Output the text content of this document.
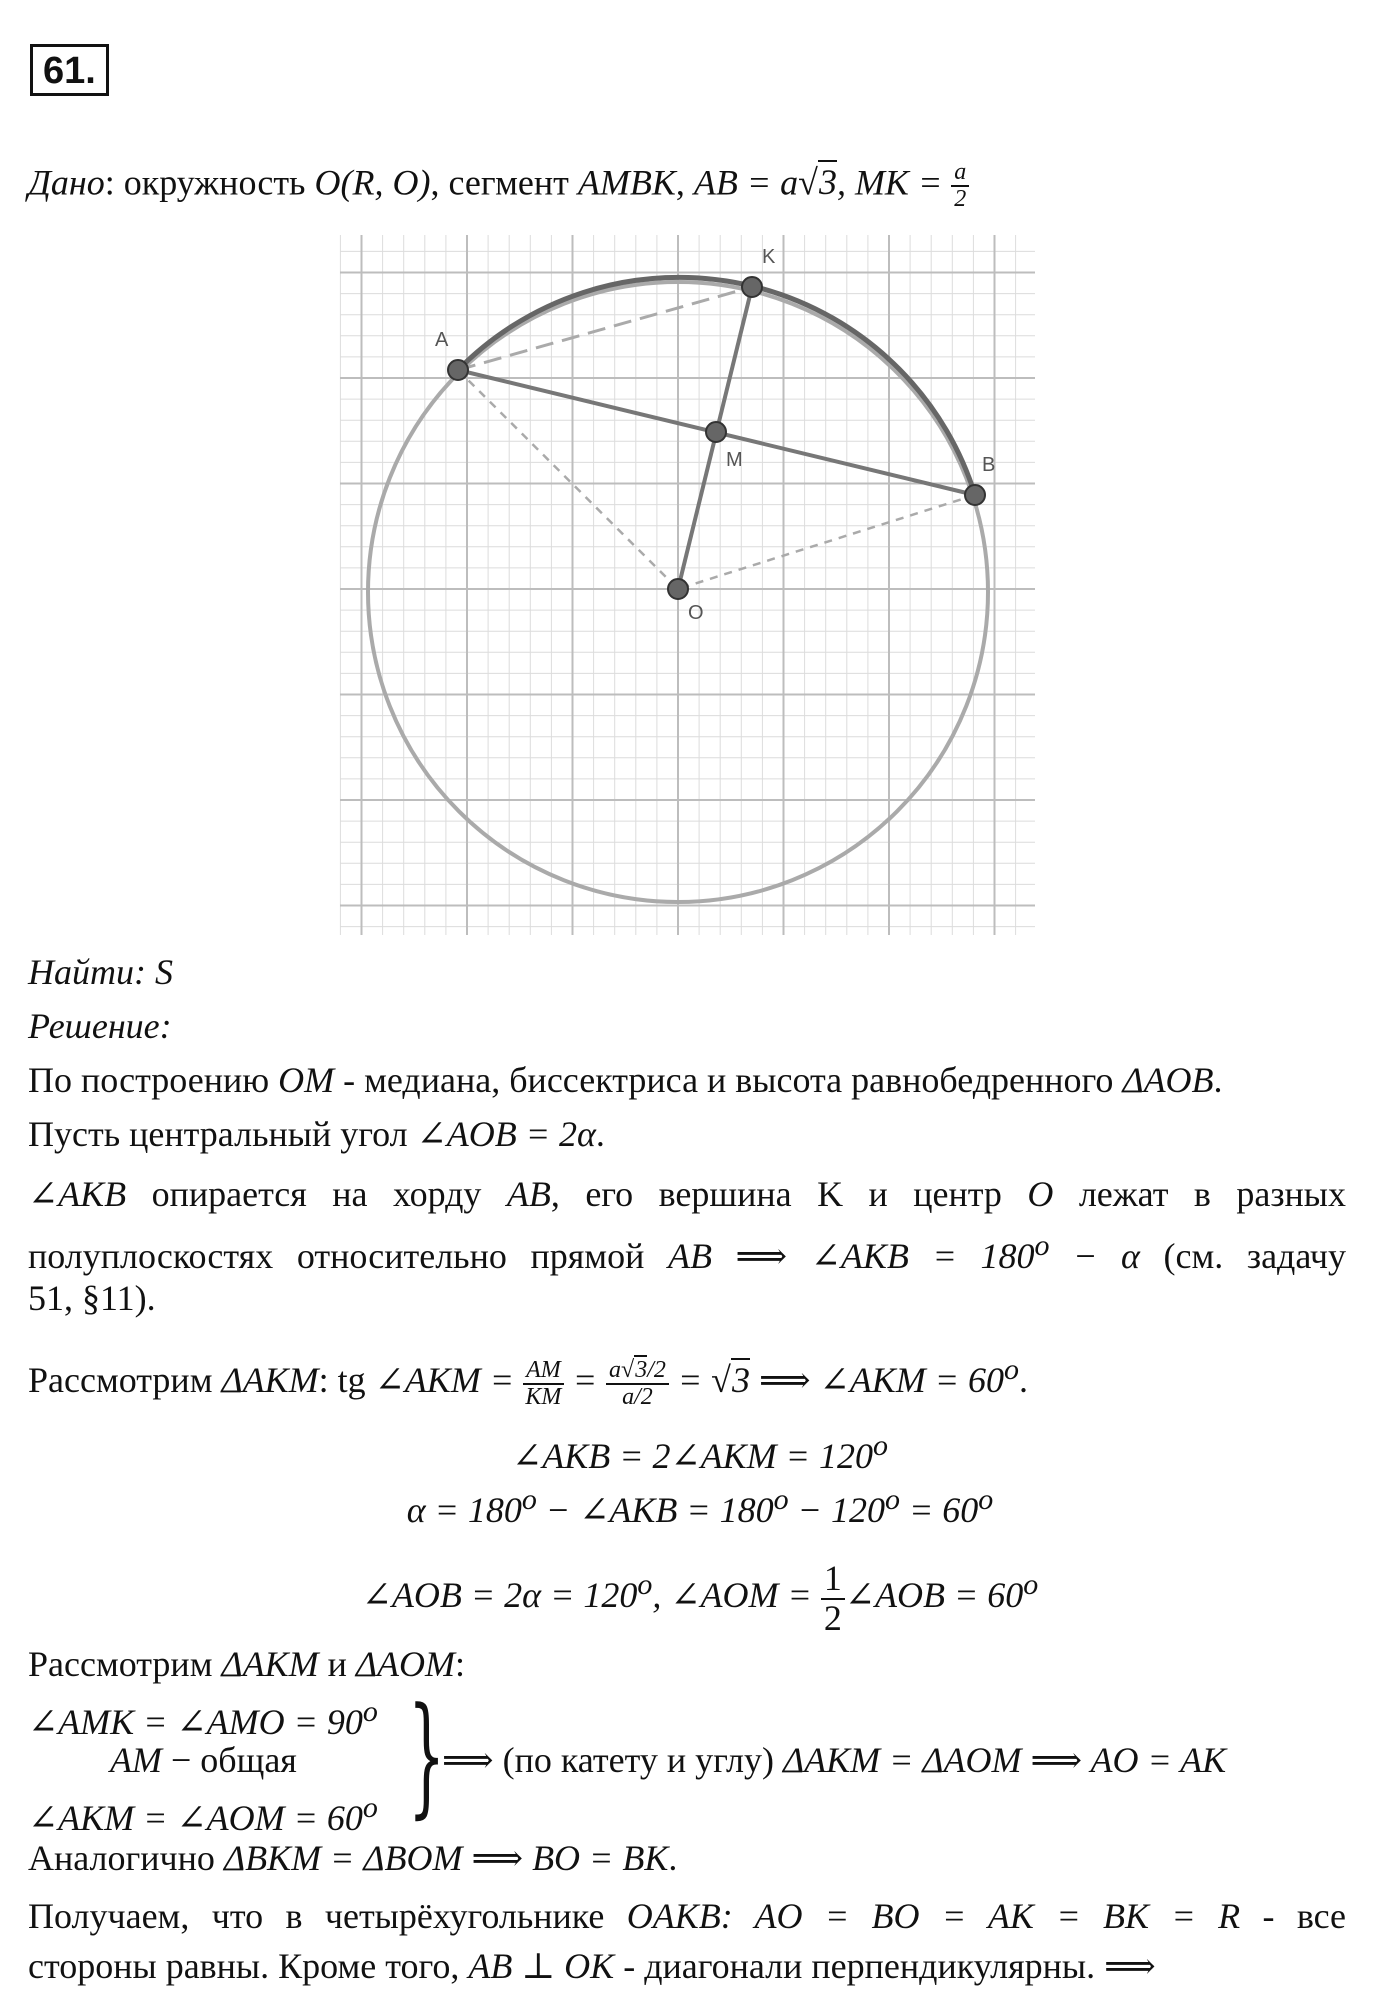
61.
Дано: окружность O(R, O), сегмент AMBK, AB = a√3, MK = $\frac{a}{2}$
A
K
M	B
O
Найти: S
Решение:
По построению OM - медиана, биссектриса и высота равнобедренного ΔAOB.
Пусть центральный угол ∠AOB = 2α.
∠AKB опирается на хорду AB, его вершина K и центр O лежат в разных
полуплоскостях относительно прямой AB ⟹ ∠AKB = $180^o - \alpha$ (см. задачу
51, §11).
Рассмотрим ΔAKM: tg ∠AKM = $\frac{AM}{KM} = \frac{a√3/2}{a/2} = √3$ ⟹ ∠AKM = $60^o$.
∠AKB = 2∠AKM = $120^o$
$\alpha = 180^o$ − ∠AKB = $180^o - 120^o = 60^o$
∠AOB = $2\alpha = 120^o$, ∠AOM = $\frac{1}{2}$ ∠AOB = $60^o$
Рассмотрим ΔAKM и ΔAOM:
∠AMK = ∠AMO = $90^o$
AM − общая
∠AKM = ∠AOM = $60^o$ }
⟹ (по катету и углу) ΔAKM = ΔAOM ⟹ AO = AK
Аналогично ΔBKM = ΔBOM ⟹ BO = BK.
Получаем, что в четырёхугольнике OAKB: AO = BO = AK = BK = R - все
стороны равны. Кроме того, AB ⊥ OK - диагонали перпендикулярны. ⟹
